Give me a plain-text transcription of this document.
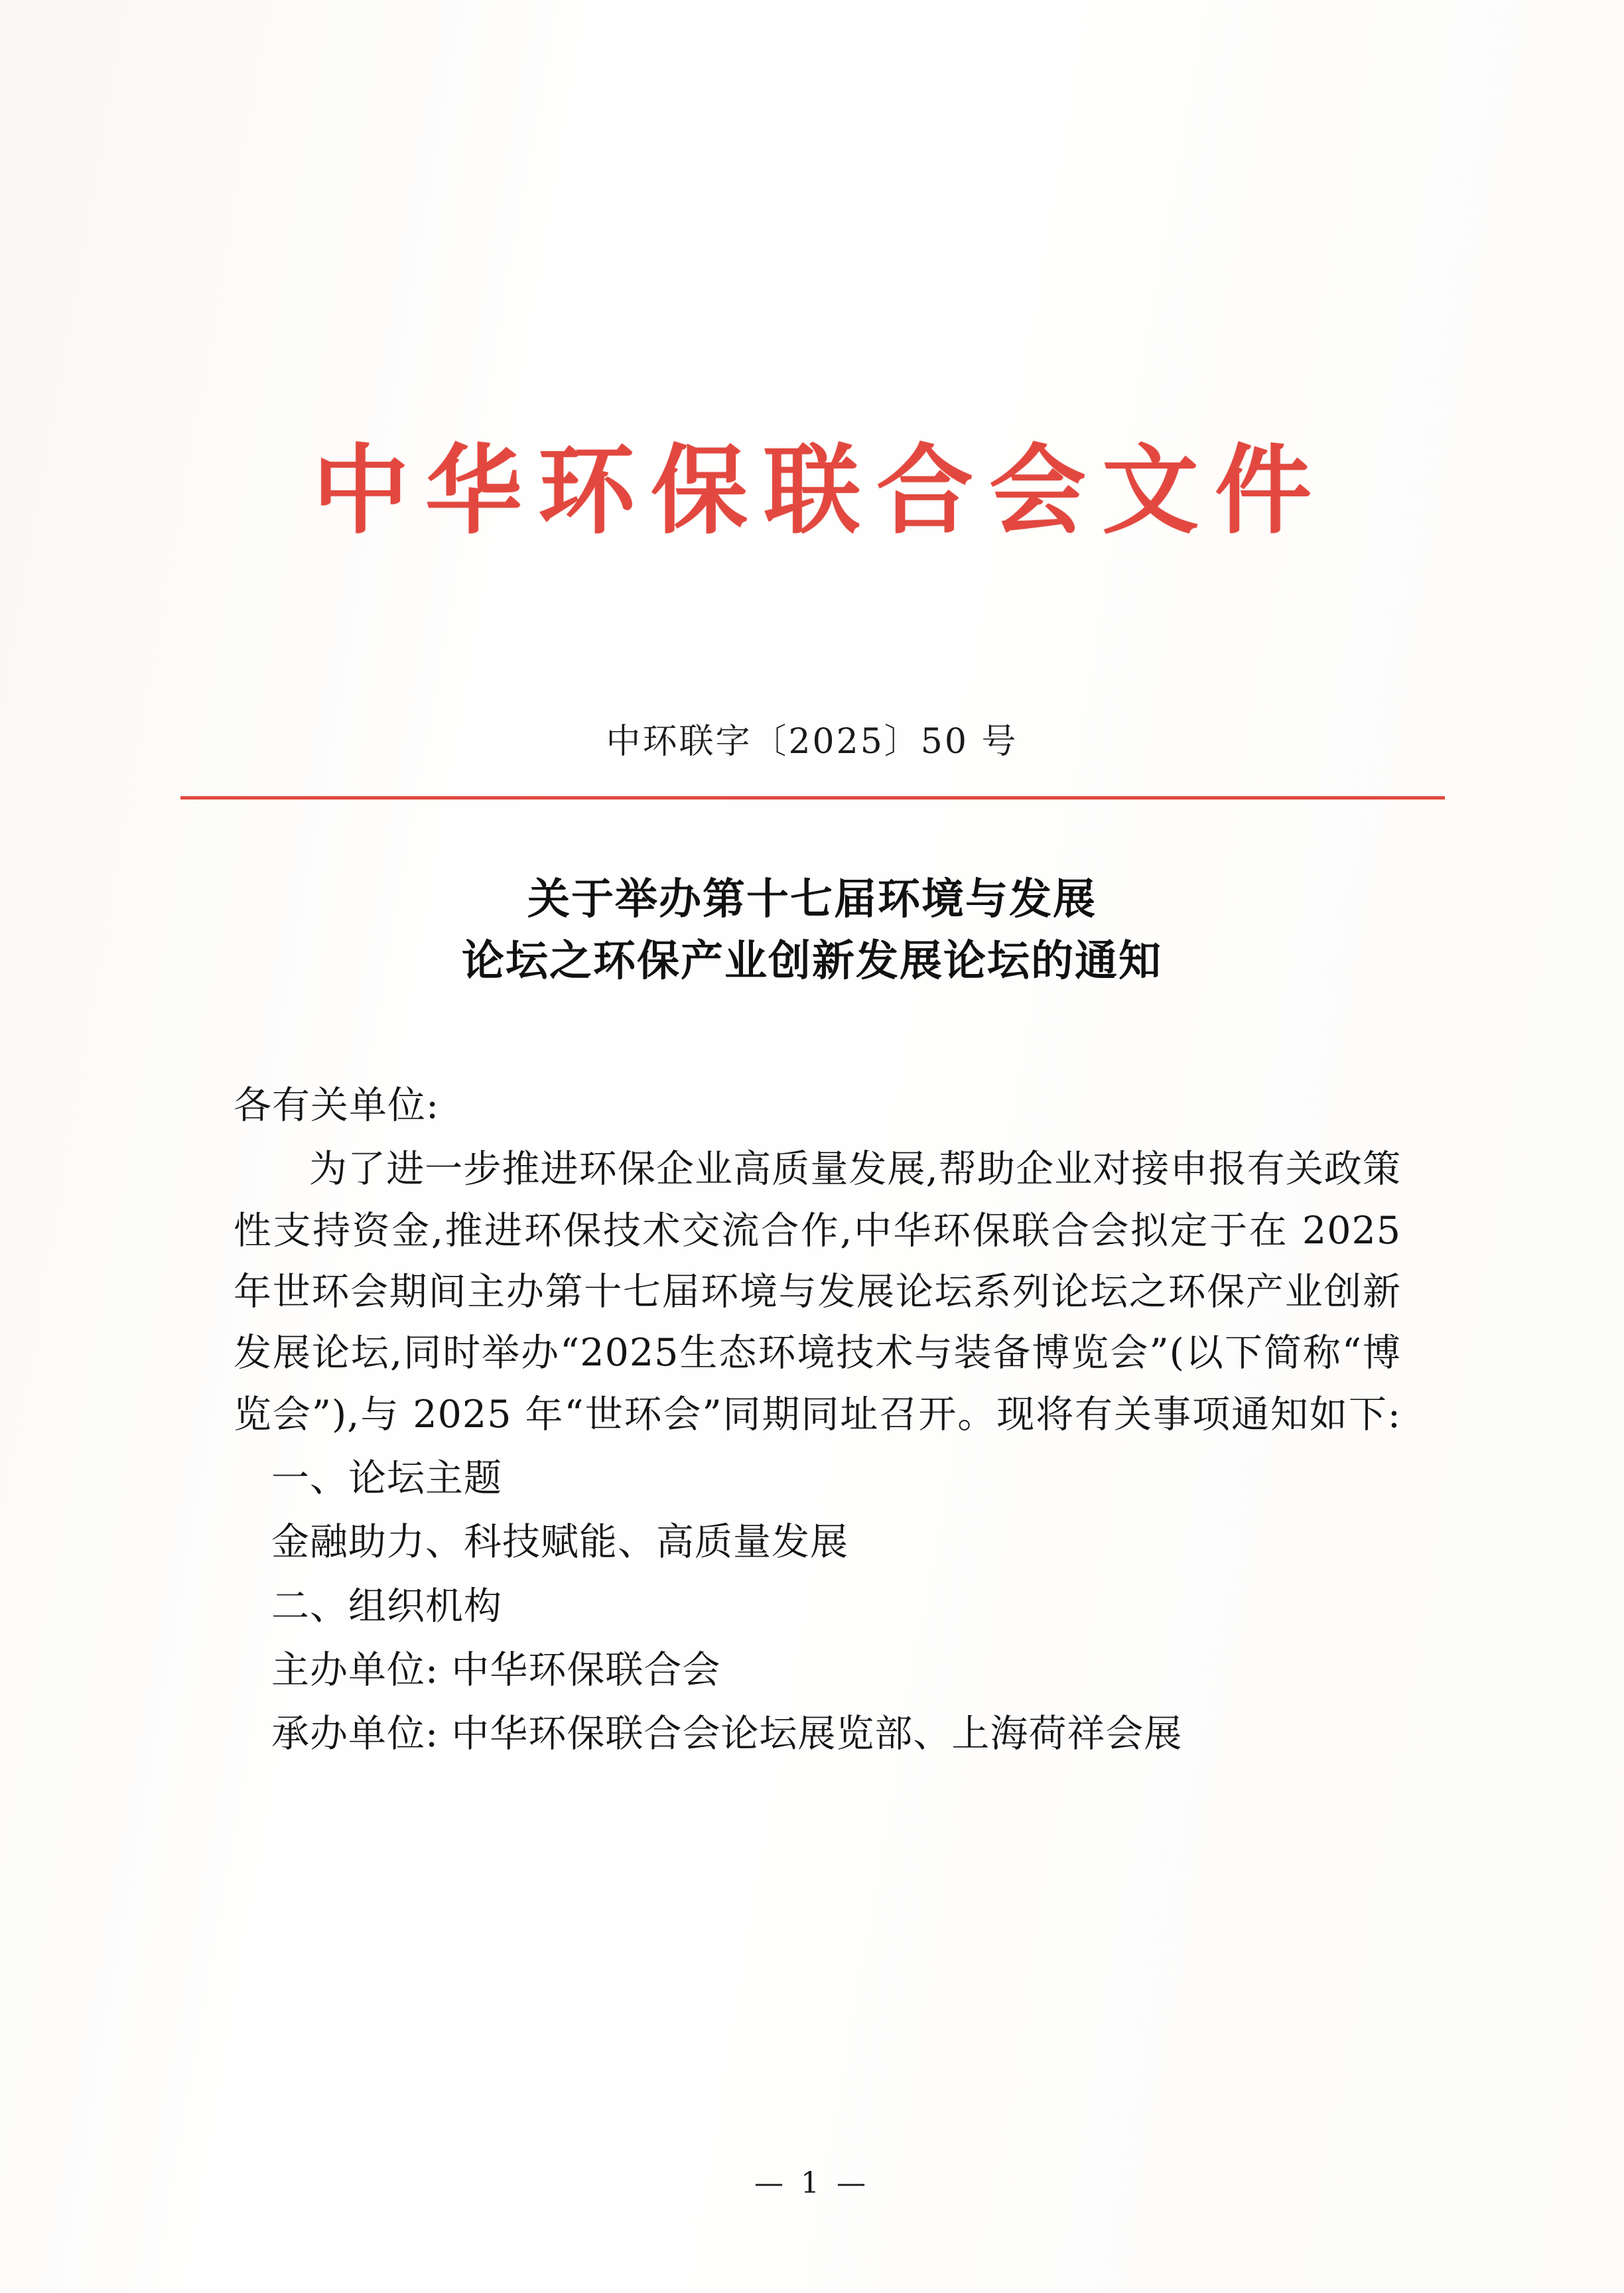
中华环保联合会文件
中环联字〔2025〕50 号
关于举办第十七届环境与发展
论坛之环保产业创新发展论坛的通知

各有关单位:

为了进一步推进环保企业高质量发展,帮助企业对接申报有关政策性支持资金,推进环保技术交流合作,中华环保联合会拟定于在 2025 年世环会期间主办第十七届环境与发展论坛系列论坛之环保产业创新发展论坛,同时举办“2025生态环境技术与装备博览会”(以下简称“博览会”),与 2025 年“世环会”同期同址召开。现将有关事项通知如下:

一、论坛主题

金融助力、科技赋能、高质量发展

二、组织机构

主办单位: 中华环保联合会

承办单位: 中华环保联合会论坛展览部、上海荷祥会展

— 1 —
